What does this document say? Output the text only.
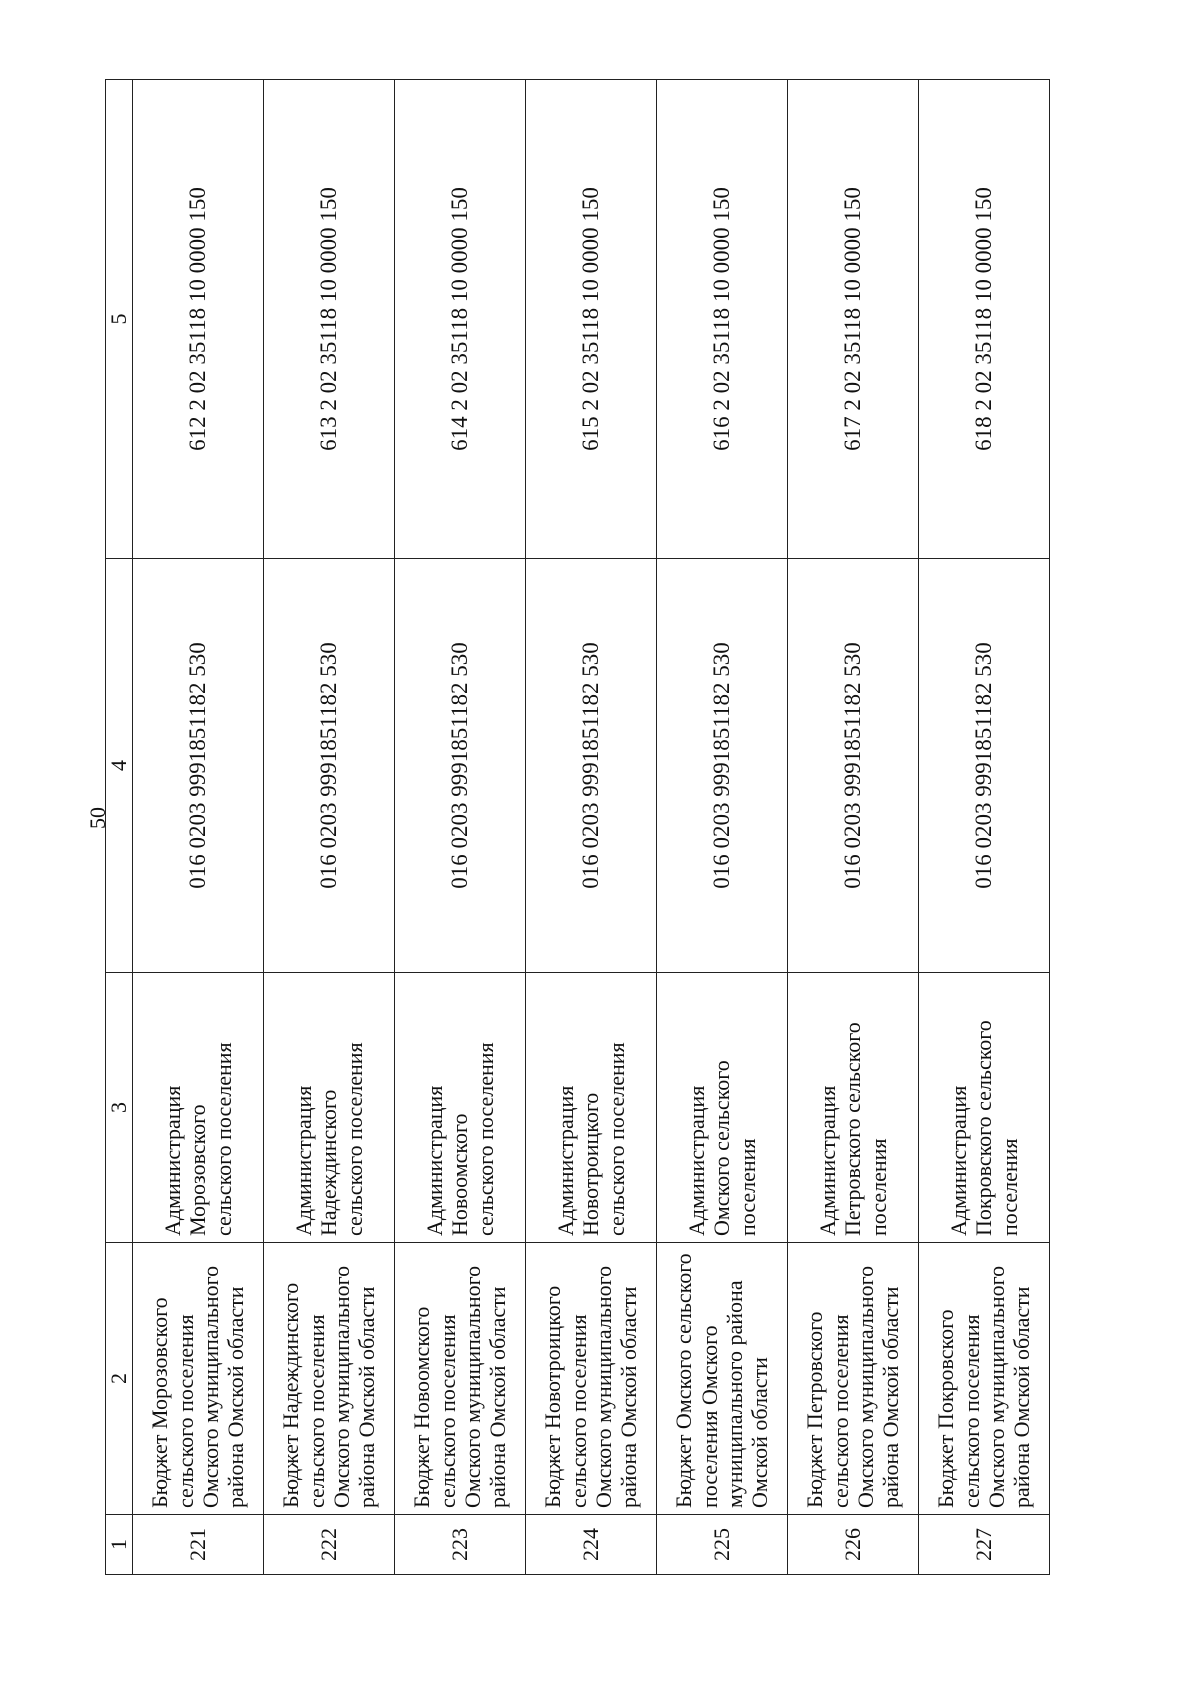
50
1	2	3	4	5
221	Бюджет Морозовского сельского поселения Омского муниципального района Омской области	Администрация Морозовского сельского поселения	016 0203 9991851182 530	612 2 02 35118 10 0000 150
222	Бюджет Надеждинского сельского поселения Омского муниципального района Омской области	Администрация Надеждинского сельского поселения	016 0203 9991851182 530	613 2 02 35118 10 0000 150
223	Бюджет Новоомского сельского поселения Омского муниципального района Омской области	Администрация Новоомского сельского поселения	016 0203 9991851182 530	614 2 02 35118 10 0000 150
224	Бюджет Новотроицкого сельского поселения Омского муниципального района Омской области	Администрация Новотроицкого сельского поселения	016 0203 9991851182 530	615 2 02 35118 10 0000 150
225	Бюджет Омского сельского поселения Омского муниципального района Омской области	Администрация Омского сельского поселения	016 0203 9991851182 530	616 2 02 35118 10 0000 150
226	Бюджет Петровского сельского поселения Омского муниципального района Омской области	Администрация Петровского сельского поселения	016 0203 9991851182 530	617 2 02 35118 10 0000 150
227	Бюджет Покровского сельского поселения Омского муниципального района Омской области	Администрация Покровского сельского поселения	016 0203 9991851182 530	618 2 02 35118 10 0000 150
